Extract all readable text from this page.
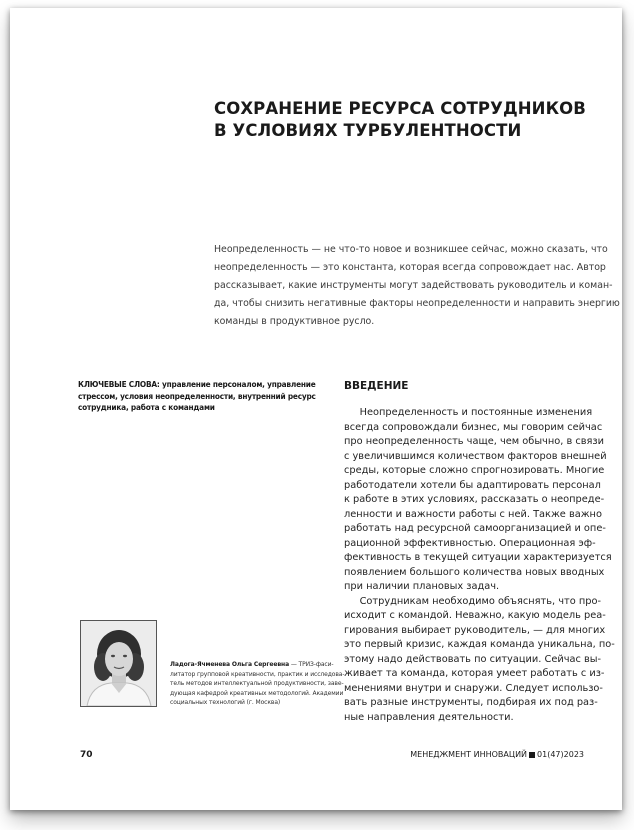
СОХРАНЕНИЕ РЕСУРСА СОТРУДНИКОВ
В УСЛОВИЯХ ТУРБУЛЕНТНОСТИ
Неопределенность — не что-то новое и возникшее сейчас, можно сказать, что
неопределенность — это константа, которая всегда сопровождает нас. Автор
рассказывает, какие инструменты могут задействовать руководитель и коман-
да, чтобы снизить негативные факторы неопределенности и направить энергию
команды в продуктивное русло.
КЛЮЧЕВЫЕ СЛОВА: управление персоналом, управление
стрессом, условия неопределенности, внутренний ресурс
сотрудника, работа с командами
ВВЕДЕНИЕ
Неопределенность и постоянные изменения
всегда сопровождали бизнес, мы говорим сейчас
про неопределенность чаще, чем обычно, в связи
с увеличившимся количеством факторов внешней
среды, которые сложно спрогнозировать. Многие
работодатели хотели бы адаптировать персонал
к работе в этих условиях, рассказать о неопреде-
ленности и важности работы с ней. Также важно
работать над ресурсной самоорганизацией и опе-
рационной эффективностью. Операционная эф-
фективность в текущей ситуации характеризуется
появлением большого количества новых вводных
при наличии плановых задач.
Сотрудникам необходимо объяснять, что про-
исходит с командой. Неважно, какую модель реа-
гирования выбирает руководитель, — для многих
это первый кризис, каждая команда уникальна, по-
этому надо действовать по ситуации. Сейчас вы-
живает та команда, которая умеет работать с из-
менениями внутри и снаружи. Следует использо-
вать разные инструменты, подбирая их под раз-
ные направления деятельности.
Ладога-Ячменева Ольга Сергеевна — ТРИЗ-фаси-
литатор групповой креативности, практик и исследова-
тель методов интеллектуальной продуктивности, заве-
дующая кафедрой креативных методологий. Академии
социальных технологий (г. Москва)
70	МЕНЕДЖМЕНТ ИННОВАЦИЙ 01(47)2023
